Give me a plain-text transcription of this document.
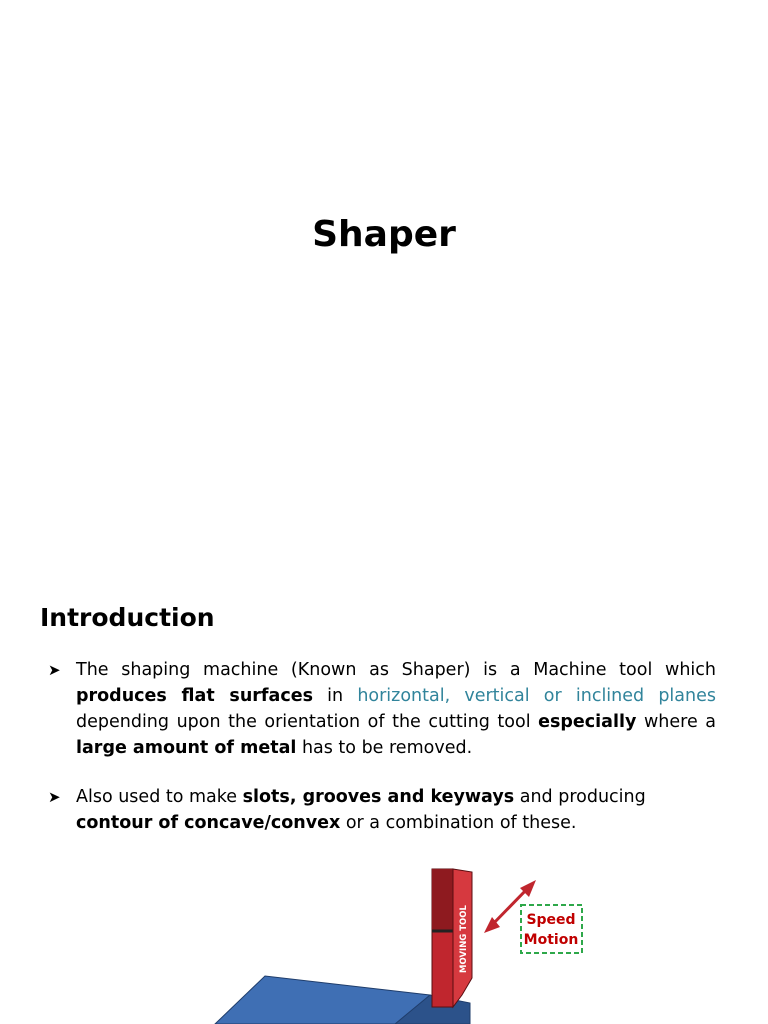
Shaper
Introduction
➤ The shaping machine (Known as Shaper) is a Machine tool which produces flat surfaces in horizontal, vertical or inclined planes depending upon the orientation of the cutting tool especially where a large amount of metal has to be removed.
➤ Also used to make slots, grooves and keyways and producing contour of concave/convex or a combination of these.
MOVING TOOL	Speed
Motion
